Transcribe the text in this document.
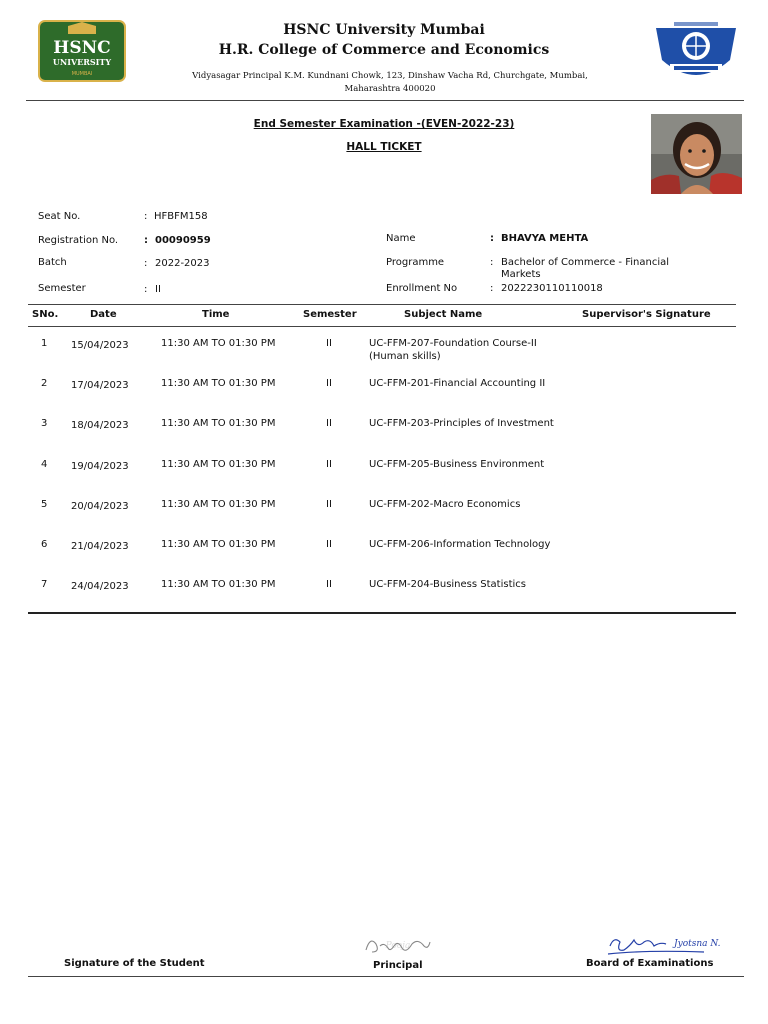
HSNC
UNIVERSITY
MUMBAI
HSNC University Mumbai
H.R. College of Commerce and Economics
Vidyasagar Principal K.M. Kundnani Chowk, 123, Dinshaw Vacha Rd, Churchgate, Mumbai, Maharashtra 400020
End Semester Examination -(EVEN-2022-23)
HALL TICKET
Seat No.	: HFBFM158
Registration No.	: 00090959
Batch	: 2022-2023
Semester	: II
Name	: BHAVYA MEHTA
Programme	: Bachelor of Commerce - Financial
Markets
Enrollment No	: 2022230110110018
SNo.	Date	Time	Semester	Subject Name	Supervisor's Signature
1 15/04/2023	11:30 AM TO 01:30 PM	II	UC-FFM-207-Foundation Course-II
(Human skills)
2 17/04/2023	11:30 AM TO 01:30 PM	II	UC-FFM-201-Financial Accounting II
3 18/04/2023	11:30 AM TO 01:30 PM	II	UC-FFM-203-Principles of Investment
4 19/04/2023	11:30 AM TO 01:30 PM	II	UC-FFM-205-Business Environment
5 20/04/2023	11:30 AM TO 01:30 PM	II	UC-FFM-202-Macro Economics
6 21/04/2023	11:30 AM TO 01:30 PM	II	UC-FFM-206-Information Technology
7 24/04/2023	11:30 AM TO 01:30 PM	II	UC-FFM-204-Business Statistics
Pooja	Jyotsna N.
Signature of the Student	Principal	Board of Examinations
